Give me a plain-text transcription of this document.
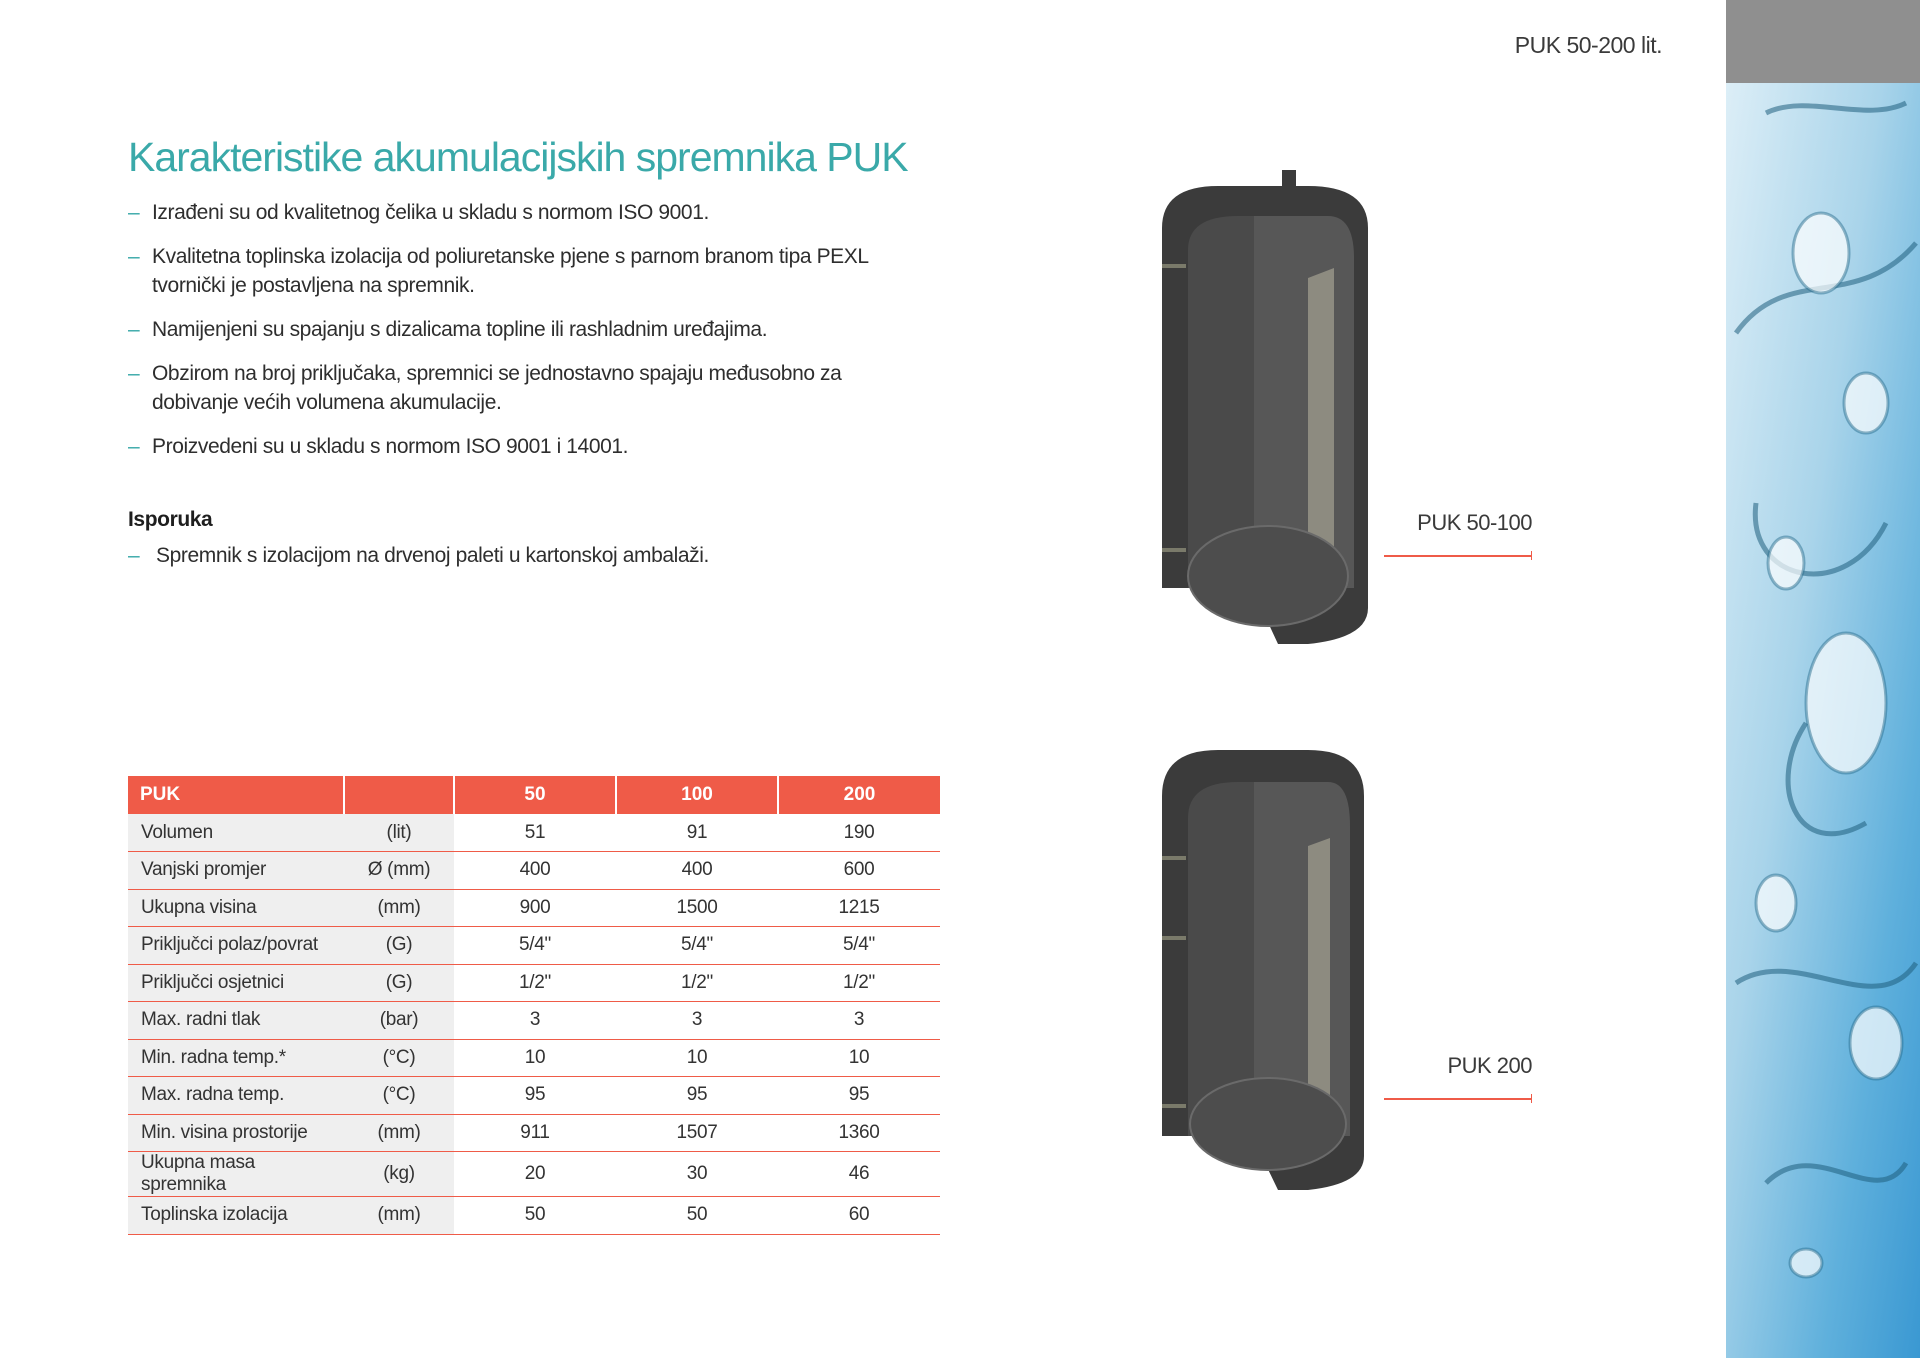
PUK 50-200 lit.
Karakteristike akumulacijskih spremnika PUK
– Izrađeni su od kvalitetnog čelika u skladu s normom ISO 9001.
– Kvalitetna toplinska izolacija od poliuretanske pjene s parnom branom tipa PEXL tvornički je postavljena na spremnik.
– Namijenjeni su spajanju s dizalicama topline ili rashladnim uređajima.
– Obzirom na broj priključaka, spremnici se jednostavno spajaju međusobno za dobivanje većih volumena akumulacije.
– Proizvedeni su u skladu s normom ISO 9001 i 14001.
Isporuka
– Spremnik s izolacijom na drvenoj paleti u kartonskoj ambalaži.
PUK		50	100	200
Volumen	(lit)	51	91	190
Vanjski promjer	Ø (mm)	400	400	600
Ukupna visina	(mm)	900	1500	1215
Priključci polaz/povrat	(G)	5/4"	5/4"	5/4"
Priključci osjetnici	(G)	1/2"	1/2"	1/2"
Max. radni tlak	(bar)	3	3	3
Min. radna temp.*	(°C)	10	10	10
Max. radna temp.	(°C)	95	95	95
Min. visina prostorije	(mm)	911	1507	1360
Ukupna masa spremnika	(kg)	20	30	46
Toplinska izolacija	(mm)	50	50	60
PUK 50-100
PUK 200
